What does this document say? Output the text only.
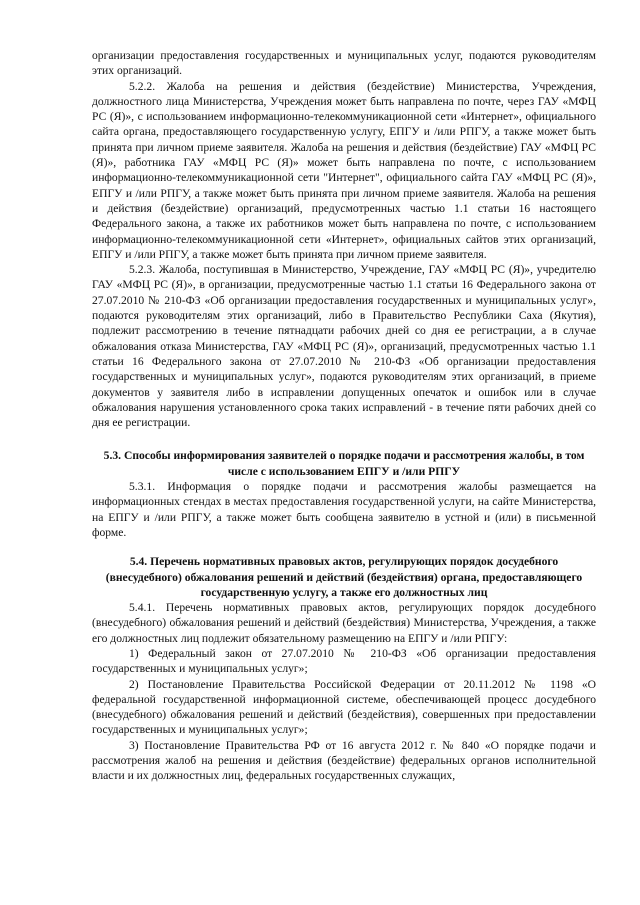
организации предоставления государственных и муниципальных услуг, подаются руководителям этих организаций.

5.2.2. Жалоба на решения и действия (бездействие) Министерства, Учреждения, должностного лица Министерства, Учреждения может быть направлена по почте, через ГАУ «МФЦ РС (Я)», с использованием информационно-телекоммуникационной сети «Интернет», официального сайта органа, предоставляющего государственную услугу, ЕПГУ и /или РПГУ, а также может быть принята при личном приеме заявителя. Жалоба на решения и действия (бездействие) ГАУ «МФЦ РС (Я)», работника ГАУ «МФЦ РС (Я)» может быть направлена по почте, с использованием информационно-телекоммуникационной сети "Интернет", официального сайта ГАУ «МФЦ РС (Я)», ЕПГУ и /или РПГУ, а также может быть принята при личном приеме заявителя. Жалоба на решения и действия (бездействие) организаций, предусмотренных частью 1.1 статьи 16 настоящего Федерального закона, а также их работников может быть направлена по почте, с использованием информационно-телекоммуникационной сети «Интернет», официальных сайтов этих организаций, ЕПГУ и /или РПГУ, а также может быть принята при личном приеме заявителя.

5.2.3. Жалоба, поступившая в Министерство, Учреждение, ГАУ «МФЦ РС (Я)», учредителю ГАУ «МФЦ РС (Я)», в организации, предусмотренные частью 1.1 статьи 16 Федерального закона от 27.07.2010 № 210-ФЗ «Об организации предоставления государственных и муниципальных услуг», подаются руководителям этих организаций, либо в Правительство Республики Саха (Якутия), подлежит рассмотрению в течение пятнадцати рабочих дней со дня ее регистрации, а в случае обжалования отказа Министерства, ГАУ «МФЦ РС (Я)», организаций, предусмотренных частью 1.1 статьи 16 Федерального закона от 27.07.2010 № 210-ФЗ «Об организации предоставления государственных и муниципальных услуг», подаются руководителям этих организаций, в приеме документов у заявителя либо в исправлении допущенных опечаток и ошибок или в случае обжалования нарушения установленного срока таких исправлений - в течение пяти рабочих дней со дня ее регистрации.

5.3. Способы информирования заявителей о порядке подачи и рассмотрения жалобы, в том числе с использованием ЕПГУ и /или РПГУ

5.3.1. Информация о порядке подачи и рассмотрения жалобы размещается на информационных стендах в местах предоставления государственной услуги, на сайте Министерства, на ЕПГУ и /или РПГУ, а также может быть сообщена заявителю в устной и (или) в письменной форме.

5.4. Перечень нормативных правовых актов, регулирующих порядок досудебного (внесудебного) обжалования решений и действий (бездействия) органа, предоставляющего государственную услугу, а также его должностных лиц

5.4.1. Перечень нормативных правовых актов, регулирующих порядок досудебного (внесудебного) обжалования решений и действий (бездействия) Министерства, Учреждения, а также его должностных лиц подлежит обязательному размещению на ЕПГУ и /или РПГУ:

1) Федеральный закон от 27.07.2010 № 210-ФЗ «Об организации предоставления государственных и муниципальных услуг»;

2) Постановление Правительства Российской Федерации от 20.11.2012 № 1198 «О федеральной государственной информационной системе, обеспечивающей процесс досудебного (внесудебного) обжалования решений и действий (бездействия), совершенных при предоставлении государственных и муниципальных услуг»;

3) Постановление Правительства РФ от 16 августа 2012 г. № 840 «О порядке подачи и рассмотрения жалоб на решения и действия (бездействие) федеральных органов исполнительной власти и их должностных лиц, федеральных государственных служащих,
